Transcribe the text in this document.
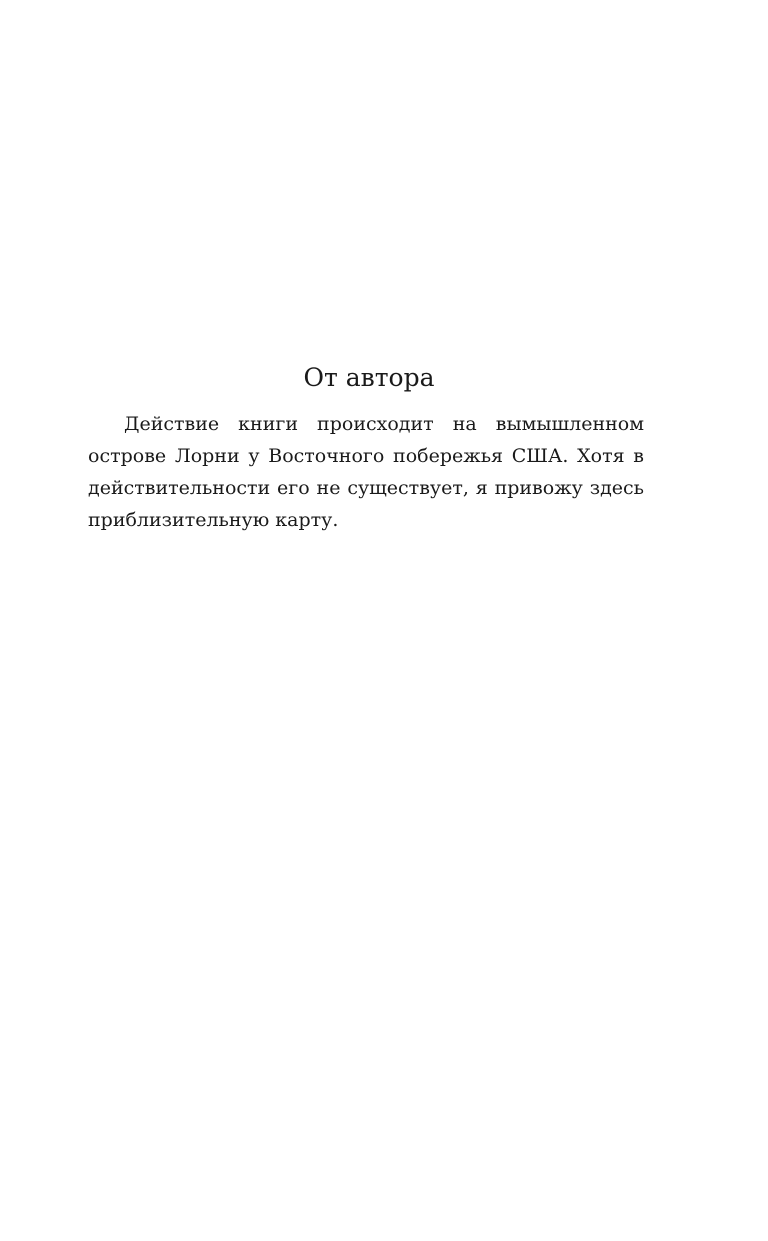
От автора

Действие книги происходит на вымышленном острове Лорни у Восточного побережья США. Хотя в действительности его не существует, я привожу здесь приблизительную карту.
